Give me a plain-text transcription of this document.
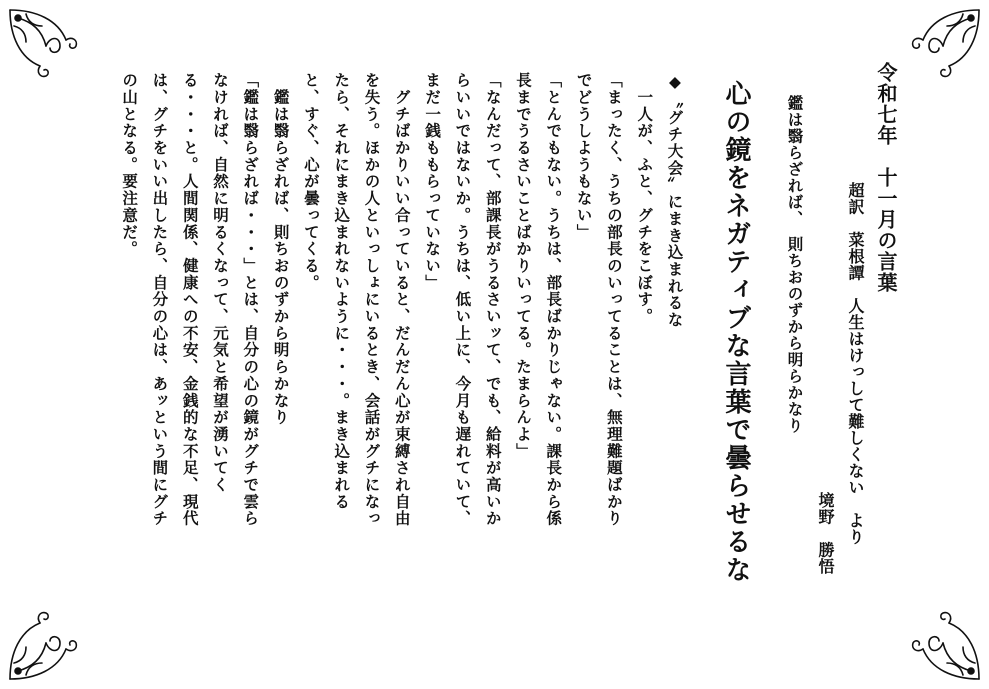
令和七年　十一月の言葉
超訳　菜根譚　人生はけっして難しくない　より
境野　勝悟
鑑は翳らざれば、　則ちおのずから明らかなり
心の鏡をネガティブな言葉で曇らせるな
◆〝グチ大会〟にまき込まれるな
　一人が、ふと、グチをこぼす。
「まったく、うちの部長のいってることは、無理難題ばかり
でどうしようもない」
「とんでもない。うちは、部長ばかりじゃない。課長から係
長までうるさいことばかりいってる。たまらんよ」
「なんだって、部課長がうるさいッて、でも、給料が高いか
らいいではないか。うちは、低い上に、今月も遅れていて、
まだ一銭ももらっていない」
　グチばかりいい合っていると、だんだん心が束縛され自由
を失う。ほかの人といっしょにいるとき、会話がグチになっ
たら、それにまき込まれないように・・・。まき込まれる
と、すぐ、心が曇ってくる。
　鑑は翳らざれば、則ちおのずから明らかなり
「鑑は翳らざれば・・・」とは、自分の心の鏡がグチで雲ら
なければ、自然に明るくなって、元気と希望が湧いてく
る・・・と。人間関係、健康への不安、金銭的な不足、現代
は、グチをいい出したら、自分の心は、あッという間にグチ
の山となる。要注意だ。
